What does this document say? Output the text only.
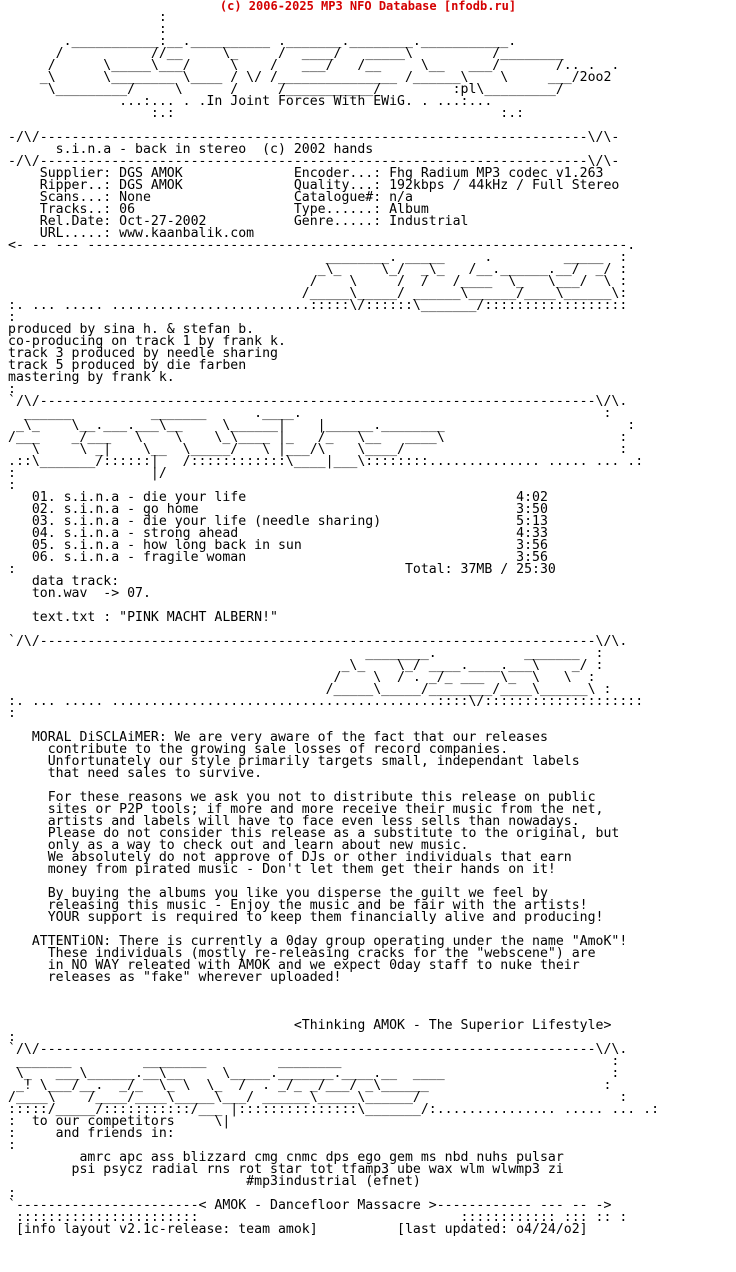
(c) 2006-2025 MP3 NFO Database [nfodb.ru]
:
:
.___________:__.__________ ._______.________.___________.
/           //__     \_     /  ____/   _____\          /________
/      \_____\___/     \    /   ___/   /__     \__   ___/       /.. .  .
_\      \________ \____ / \/ /_______________ /______\    \     ___/2oo2
\_________/     \      /     /___________/         :pl\_________/
...:... . .In Joint Forces With EWiG. . ...:...
:.:                                         :.:

-/\/---------------------------------------------------------------------\/\-
s.i.n.a - back in stereo  (c) 2002 hands
-/\/---------------------------------------------------------------------\/\-
Supplier: DGS AMOK              Encoder...: Fhg Radium MP3 codec v1.263
Ripper..: DGS AMOK              Quality...: 192kbps / 44kHz / Full Stereo
Scans...: None                  Catalogue#: n/a
Tracks..: 06                    Type......: Album
Rel.Date: Oct-27-2002           Genre.....: Industrial
URL.....: www.kaanbalik.com
<- -- --- --------------------------------------------------------------------.
________. _____     .         _____  :
_\_     \_/  _\_   /__.______.__/  _/ :
/    \     /  /   /____  \_   \___/  \ :
/_____\_____/ ______\______/____\______\:
:. ... ..... .........................:::::\/::::::\_______/::::::::::::::::::
:
produced by sina h. & stefan b.
co-producing on track 1 by frank k.
track 3 produced by needle sharing
track 5 produced by die farben
mastering by frank k.
:
`/\/----------------------------------------------------------------------\/\.
______          _______      .____.                                      :
_\_    \__.___.___\__     \______|    |______.________                       :
/___    _/___   \    \    \_\____ |_   /_   \__   ____\                      :
\     \ _|    \__  \_____/   \ |___/\    \____/                           :
.::\_______/::::::|   /::::::::::::\____|___\::::::::.............. ..... ... .:
:                 |/
:
01. s.i.n.a - die your life                                  4:02
02. s.i.n.a - go home                                        3:50
03. s.i.n.a - die your life (needle sharing)                 5:13
04. s.i.n.a - strong ahead                                   4:33
05. s.i.n.a - how long back in sun                           3:56
06. s.i.n.a - fragile woman                                  3:56
:                                                 Total: 37MB / 25:30
data track:
ton.wav  -> 07.

text.txt : "PINK MACHT ALBERN!"

`/\/----------------------------------------------------------------------\/\.
________.           _______  :
_\_    \_/ ____.____.___\    _/ :
/    \  / . _/_ ___  \_  \   \  :
/_____\_____/________/____\______\ :
:. ... ..... .........................................::::\/::::::::::::::::::::
:

MORAL DiSCLAiMER: We are very aware of the fact that our releases
contribute to the growing sale losses of record companies.
Unfortunately our style primarily targets small, independant labels
that need sales to survive.

For these reasons we ask you not to distribute this release on public
sites or P2P tools; if more and more receive their music from the net,
artists and labels will have to face even less sells than nowadays.
Please do not consider this release as a substitute to the original, but
only as a way to check out and learn about new music.
We absolutely do not approve of DJs or other individuals that earn
money from pirated music - Don't let them get their hands on it!

By buying the albums you like you disperse the guilt we feel by
releasing this music - Enjoy the music and be fair with the artists!
YOUR support is required to keep them financially alive and producing!

ATTENTiON: There is currently a 0day group operating under the name "AmoK"!
These individuals (mostly re-releasing cracks for the "webscene") are
in NO WAY releated with AMOK and we expect 0day staff to nuke their
releases as "fake" wherever uploaded!

<Thinking AMOK - The Superior Lifestyle>
:
`/\/----------------------------------------------------------------------\/\.
_______         ________         ________                                  :
\_   ___\______.__\__     \_____._______.____.__  ____                     :
_! \___/__.  _/_  \_ \  \_  /  . _/_ _/___/ _\______                      :
/____\    /____/____\_____\___/ ______\_____\______/                         :
:::::/_____/:::::::::::/___ |:::::::::::::::\_______/:............... ..... ... .:
:  to our competitors     \|
:     and friends in:
:
amrc apc ass blizzard cmg cnmc dps ego gem ms nbd nuhs pulsar
psi psycz radial rns rot star tot tfamp3 ube wax wlm wlwmp3 zi
#mp3industrial (efnet)
:
`-----------------------< AMOK - Dancefloor Massacre >------------ --- -- ->
:::::::::::::::::::::::                                 :::::::::::: ::: :: :
[info layout v2.1c-release: team amok]          [last updated: o4/24/o2]
